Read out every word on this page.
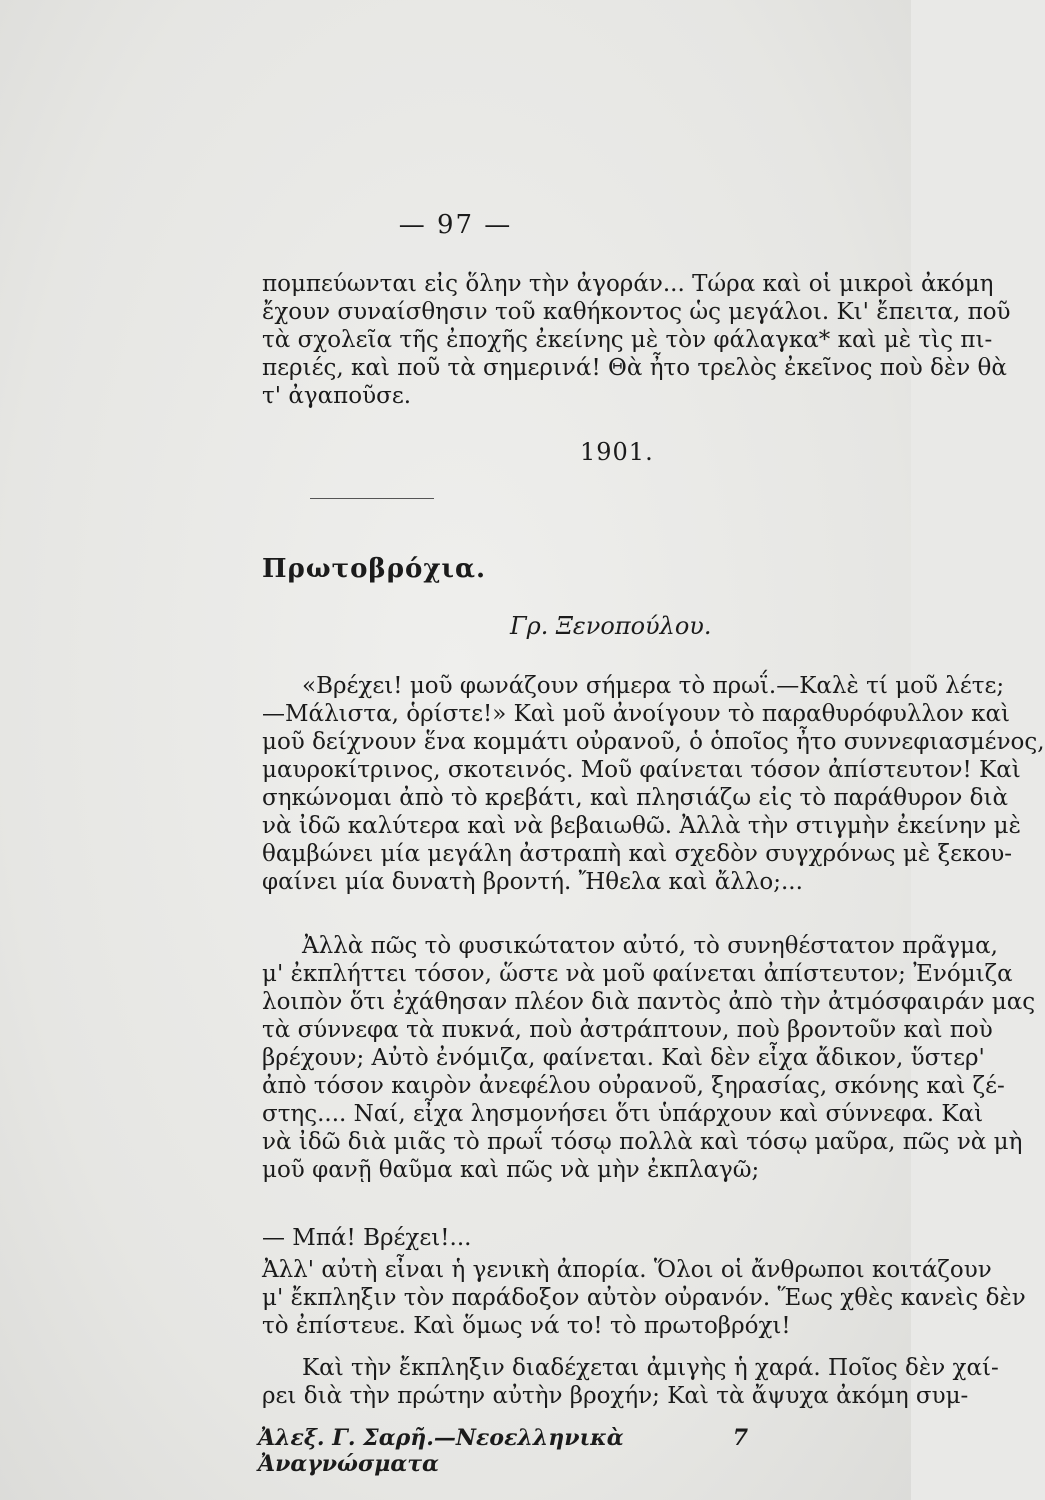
— 97 —
πομπεύωνται εἰς ὅλην τὴν ἀγοράν... Τώρα καὶ οἱ μικροὶ ἀκόμη
ἔχουν συναίσθησιν τοῦ καθήκοντος ὡς μεγάλοι. Κι' ἔπειτα, ποῦ
τὰ σχολεῖα τῆς ἐποχῆς ἐκείνης μὲ τὸν φάλαγκα* καὶ μὲ τὶς πι-
περιές, καὶ ποῦ τὰ σημερινά! Θὰ ἦτο τρελὸς ἐκεῖνος ποὺ δὲν θὰ
τ' ἀγαποῦσε.
1901.
Πρωτοβρόχια.
Γρ. Ξενοπούλου.
«Βρέχει! μοῦ φωνάζουν σήμερα τὸ πρωΐ.—Καλὲ τί μοῦ λέτε;
—Μάλιστα, ὁρίστε!» Καὶ μοῦ ἀνοίγουν τὸ παραθυρόφυλλον καὶ
μοῦ δείχνουν ἕνα κομμάτι οὐρανοῦ, ὁ ὁποῖος ἦτο συννεφιασμένος,
μαυροκίτρινος, σκοτεινός. Μοῦ φαίνεται τόσον ἀπίστευτον! Καὶ
σηκώνομαι ἀπὸ τὸ κρεβάτι, καὶ πλησιάζω εἰς τὸ παράθυρον διὰ
νὰ ἰδῶ καλύτερα καὶ νὰ βεβαιωθῶ. Ἀλλὰ τὴν στιγμὴν ἐκείνην μὲ
θαμβώνει μία μεγάλη ἀστραπὴ καὶ σχεδὸν συγχρόνως μὲ ξεκου-
φαίνει μία δυνατὴ βροντή. Ἤθελα καὶ ἄλλο;...
Ἀλλὰ πῶς τὸ φυσικώτατον αὐτό, τὸ συνηθέστατον πρᾶγμα,
μ' ἐκπλήττει τόσον, ὥστε νὰ μοῦ φαίνεται ἀπίστευτον; Ἐνόμιζα
λοιπὸν ὅτι ἐχάθησαν πλέον διὰ παντὸς ἀπὸ τὴν ἀτμόσφαιράν μας
τὰ σύννεφα τὰ πυκνά, ποὺ ἀστράπτουν, ποὺ βροντοῦν καὶ ποὺ
βρέχουν; Αὐτὸ ἐνόμιζα, φαίνεται. Καὶ δὲν εἶχα ἄδικον, ὕστερ'
ἀπὸ τόσον καιρὸν ἀνεφέλου οὐρανοῦ, ξηρασίας, σκόνης καὶ ζέ-
στης.... Ναί, εἶχα λησμονήσει ὅτι ὑπάρχουν καὶ σύννεφα. Καὶ
νὰ ἰδῶ διὰ μιᾶς τὸ πρωΐ τόσῳ πολλὰ καὶ τόσῳ μαῦρα, πῶς νὰ μὴ
μοῦ φανῇ θαῦμα καὶ πῶς νὰ μὴν ἐκπλαγῶ;
— Μπά! Βρέχει!...
Ἀλλ' αὐτὴ εἶναι ἡ γενικὴ ἀπορία. Ὅλοι οἱ ἄνθρωποι κοιτάζουν
μ' ἔκπληξιν τὸν παράδοξον αὐτὸν οὐρανόν. Ἕως χθὲς κανεὶς δὲν
τὸ ἐπίστευε. Καὶ ὅμως νά το! τὸ πρωτοβρόχι!
Καὶ τὴν ἔκπληξιν διαδέχεται ἀμιγὴς ἡ χαρά. Ποῖος δὲν χαί-
ρει διὰ τὴν πρώτην αὐτὴν βροχήν; Καὶ τὰ ἄψυχα ἀκόμη συμ-
Ἀλεξ. Γ. Σαρῆ.—Νεοελληνικὰ Ἀναγνώσματα
7
